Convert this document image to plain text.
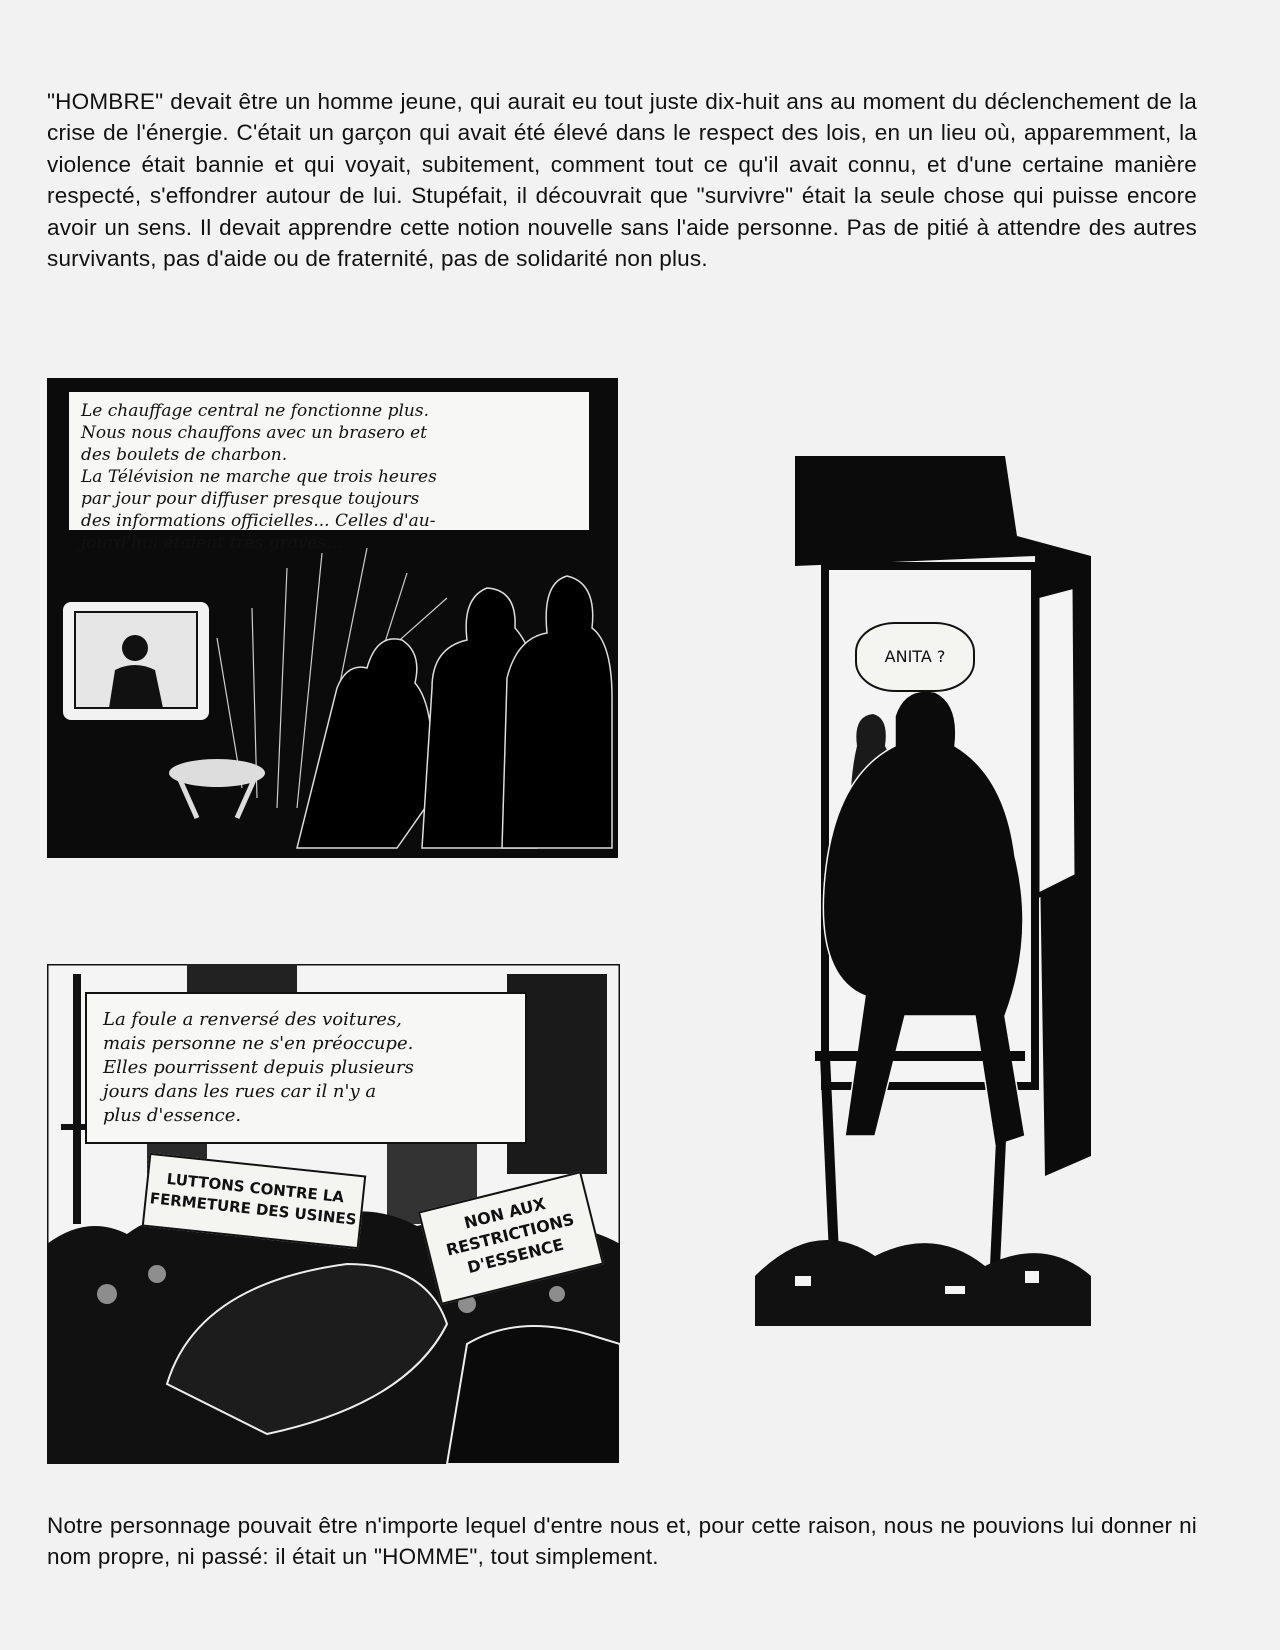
"HOMBRE" devait être un homme jeune, qui aurait eu tout juste dix-huit ans au moment du déclenchement de la crise de l'énergie. C'était un garçon qui avait été élevé dans le respect des lois, en un lieu où, apparemment, la violence était bannie et qui voyait, subitement, comment tout ce qu'il avait connu, et d'une certaine manière respecté, s'effondrer autour de lui. Stupéfait, il découvrait que "survivre" était la seule chose qui puisse encore avoir un sens. Il devait apprendre cette notion nouvelle sans l'aide personne. Pas de pitié à attendre des autres survivants, pas d'aide ou de fraternité, pas de solidarité non plus.

Le chauffage central ne fonctionne plus.
Nous nous chauffons avec un brasero et
des boulets de charbon.
La Télévision ne marche que trois heures
par jour pour diffuser presque toujours
des informations officielles... Celles d'au-
jourd'hui étaient très graves...
La foule a renversé des voitures,
mais personne ne s'en préoccupe.
Elles pourrissent depuis plusieurs
jours dans les rues car il n'y a
plus d'essence.
LUTTONS CONTRE LA
FERMETURE DES USINES	NON AUX
RESTRICTIONS
D'ESSENCE
ANITA ?

Notre personnage pouvait être n'importe lequel d'entre nous et, pour cette raison, nous ne pouvions lui donner ni nom propre, ni passé: il était un "HOMME", tout simplement.
